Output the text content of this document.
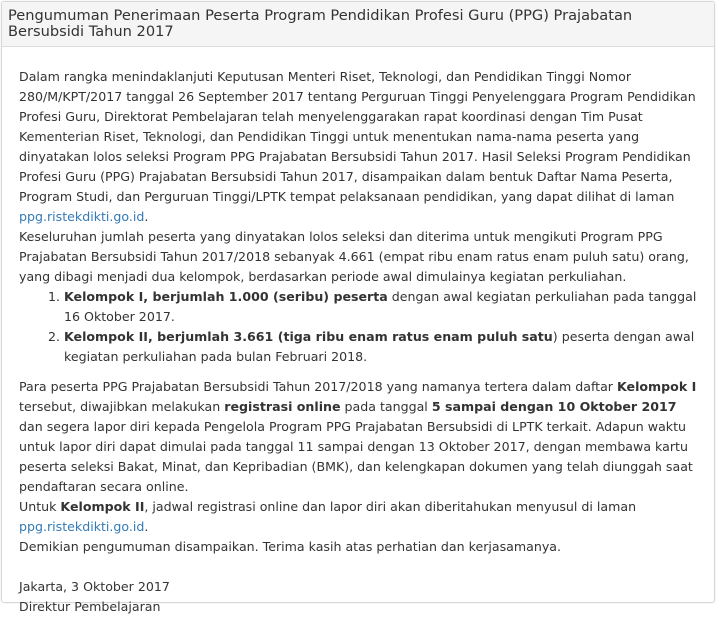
Pengumuman Penerimaan Peserta Program Pendidikan Profesi Guru (PPG) Prajabatan Bersubsidi Tahun 2017

Dalam rangka menindaklanjuti Keputusan Menteri Riset, Teknologi, dan Pendidikan Tinggi Nomor 280/M/KPT/2017 tanggal 26 September 2017 tentang Perguruan Tinggi Penyelenggara Program Pendidikan Profesi Guru, Direktorat Pembelajaran telah menyelenggarakan rapat koordinasi dengan Tim Pusat Kementerian Riset, Teknologi, dan Pendidikan Tinggi untuk menentukan nama-nama peserta yang dinyatakan lolos seleksi Program PPG Prajabatan Bersubsidi Tahun 2017. Hasil Seleksi Program Pendidikan Profesi Guru (PPG) Prajabatan Bersubsidi Tahun 2017, disampaikan dalam bentuk Daftar Nama Peserta, Program Studi, dan Perguruan Tinggi/LPTK tempat pelaksanaan pendidikan, yang dapat dilihat di laman ppg.ristekdikti.go.id.

Keseluruhan jumlah peserta yang dinyatakan lolos seleksi dan diterima untuk mengikuti Program PPG Prajabatan Bersubsidi Tahun 2017/2018 sebanyak 4.661 (empat ribu enam ratus enam puluh satu) orang, yang dibagi menjadi dua kelompok, berdasarkan periode awal dimulainya kegiatan perkuliahan.

1. Kelompok I, berjumlah 1.000 (seribu) peserta dengan awal kegiatan perkuliahan pada tanggal 16 Oktober 2017.
2. Kelompok II, berjumlah 3.661 (tiga ribu enam ratus enam puluh satu) peserta dengan awal kegiatan perkuliahan pada bulan Februari 2018.

Para peserta PPG Prajabatan Bersubsidi Tahun 2017/2018 yang namanya tertera dalam daftar Kelompok I tersebut, diwajibkan melakukan registrasi online pada tanggal 5 sampai dengan 10 Oktober 2017 dan segera lapor diri kepada Pengelola Program PPG Prajabatan Bersubsidi di LPTK terkait. Adapun waktu untuk lapor diri dapat dimulai pada tanggal 11 sampai dengan 13 Oktober 2017, dengan membawa kartu peserta seleksi Bakat, Minat, dan Kepribadian (BMK), dan kelengkapan dokumen yang telah diunggah saat pendaftaran secara online.

Untuk Kelompok II, jadwal registrasi online dan lapor diri akan diberitahukan menyusul di laman ppg.ristekdikti.go.id.

Demikian pengumuman disampaikan. Terima kasih atas perhatian dan kerjasamanya.

Jakarta, 3 Oktober 2017

Direktur Pembelajaran
